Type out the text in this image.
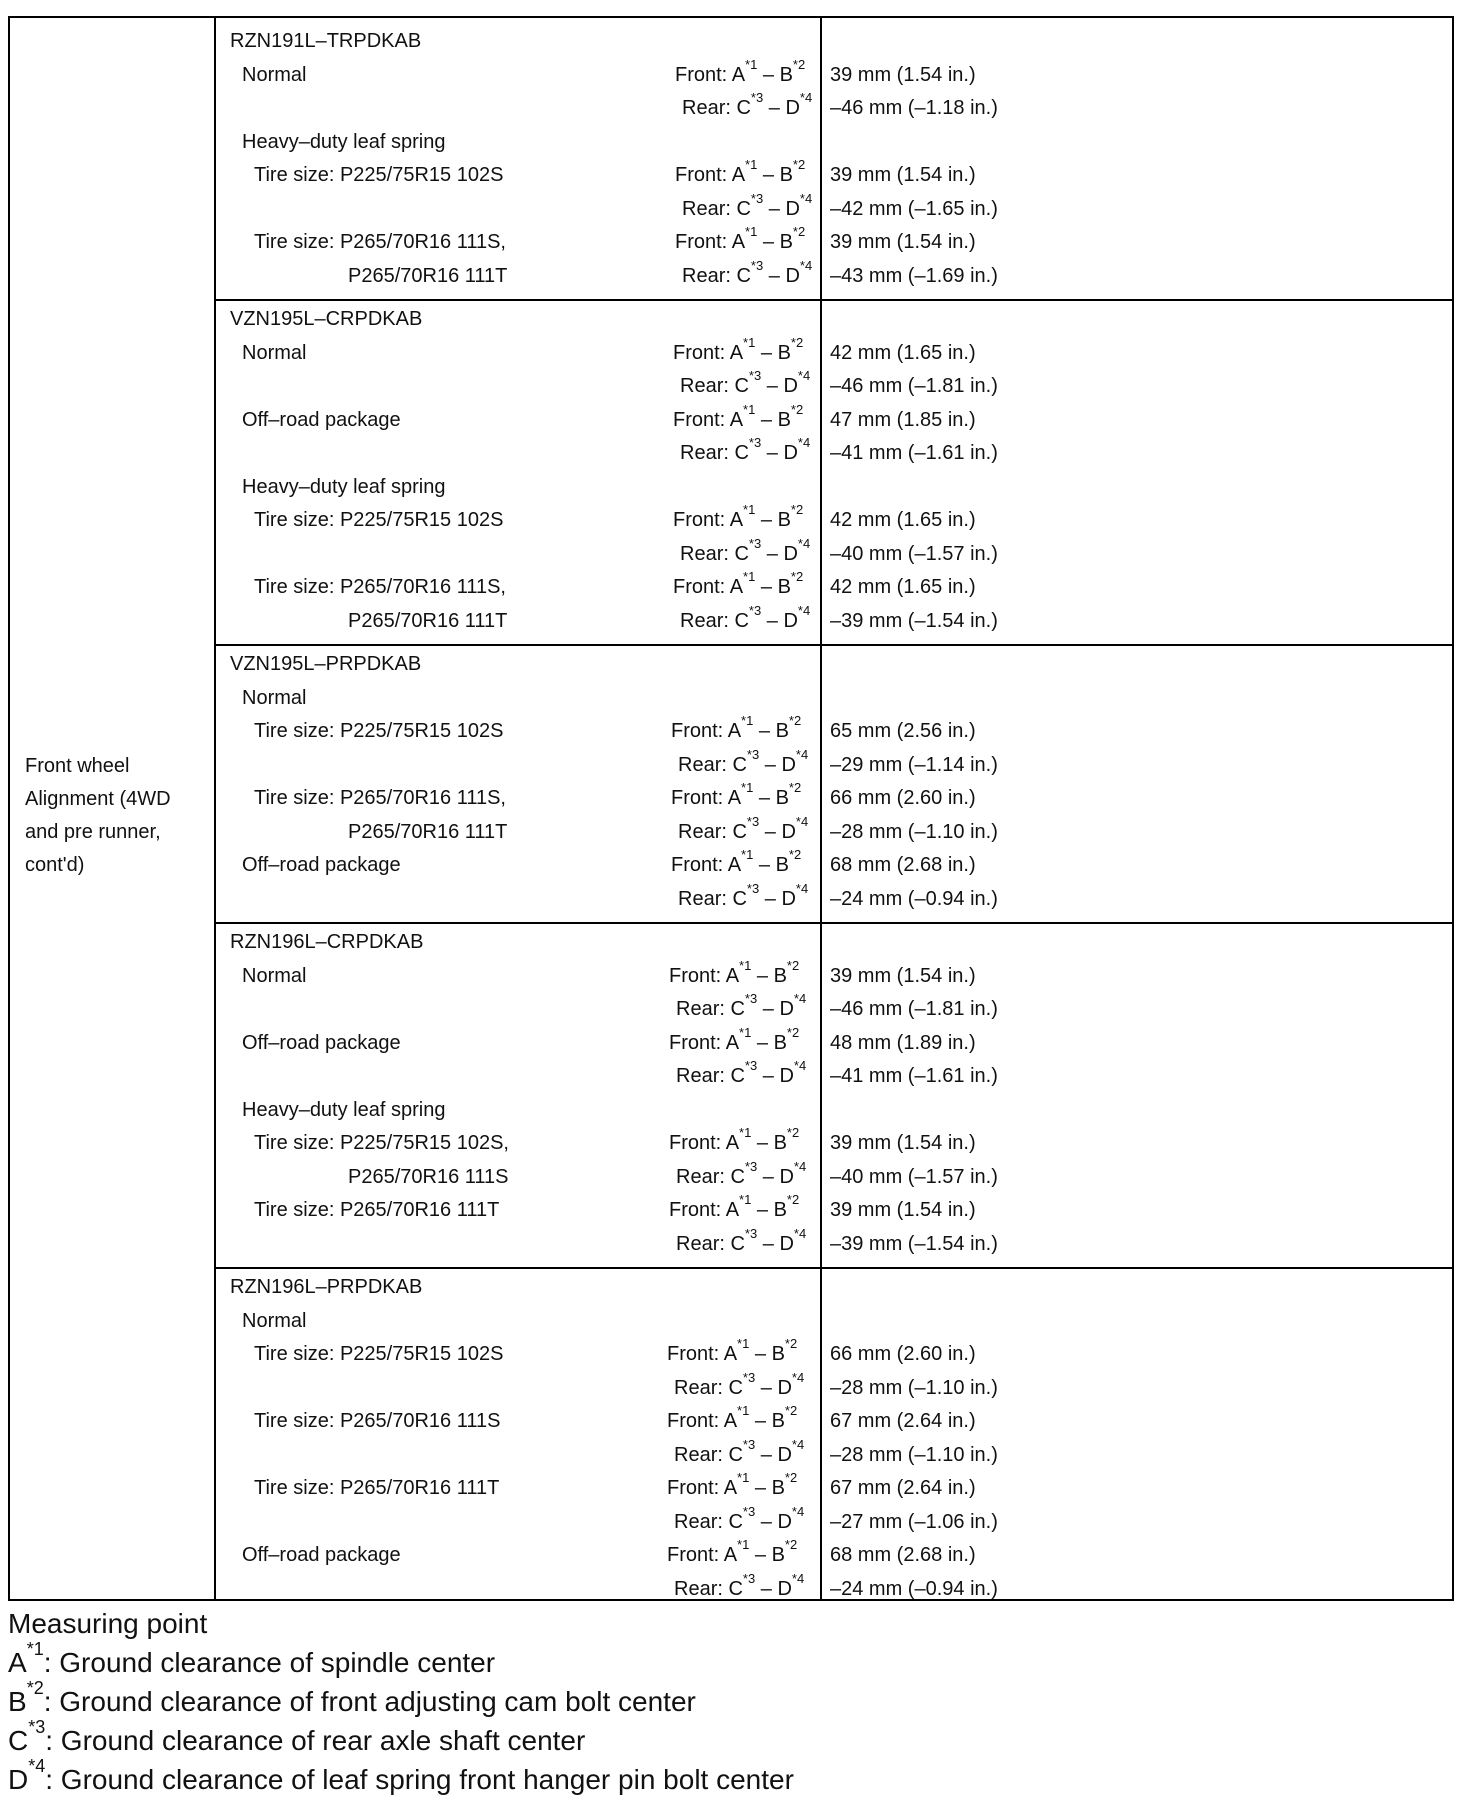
Front wheel
Alignment (4WD
and pre runner,
cont'd)
RZN191L–TRPDKAB
Normal	Front: $A^{*1} - B^{*2}$ 39 mm (1.54 in.)
Rear: $C^{*3} - D^{*4}$ –46 mm (–1.18 in.)
Heavy–duty leaf spring
Tire size: P225/75R15 102S	Front: $A^{*1} - B^{*2}$ 39 mm (1.54 in.)
Rear: $C^{*3} - D^{*4}$ –42 mm (–1.65 in.)
Tire size: P265/70R16 111S,	Front: $A^{*1} - B^{*2}$ 39 mm (1.54 in.)
P265/70R16 111T	Rear: $C^{*3} - D^{*4}$ –43 mm (–1.69 in.)
VZN195L–CRPDKAB
Normal	Front: $A^{*1} - B^{*2}$ 42 mm (1.65 in.)
Rear: $C^{*3} - D^{*4}$ –46 mm (–1.81 in.)
Off–road package	Front: $A^{*1} - B^{*2}$ 47 mm (1.85 in.)
Rear: $C^{*3} - D^{*4}$ –41 mm (–1.61 in.)
Heavy–duty leaf spring
Tire size: P225/75R15 102S	Front: $A^{*1} - B^{*2}$ 42 mm (1.65 in.)
Rear: $C^{*3} - D^{*4}$ –40 mm (–1.57 in.)
Tire size: P265/70R16 111S,	Front: $A^{*1} - B^{*2}$ 42 mm (1.65 in.)
P265/70R16 111T	Rear: $C^{*3} - D^{*4}$ –39 mm (–1.54 in.)
VZN195L–PRPDKAB
Normal
Tire size: P225/75R15 102S	Front: $A^{*1} - B^{*2}$ 65 mm (2.56 in.)
Rear: $C^{*3} - D^{*4}$ –29 mm (–1.14 in.)
Tire size: P265/70R16 111S,	Front: $A^{*1} - B^{*2}$ 66 mm (2.60 in.)
P265/70R16 111T	Rear: $C^{*3} - D^{*4}$ –28 mm (–1.10 in.)
Off–road package	Front: $A^{*1} - B^{*2}$ 68 mm (2.68 in.)
Rear: $C^{*3} - D^{*4}$ –24 mm (–0.94 in.)
RZN196L–CRPDKAB
Normal	Front: $A^{*1} - B^{*2}$ 39 mm (1.54 in.)
Rear: $C^{*3} - D^{*4}$ –46 mm (–1.81 in.)
Off–road package	Front: $A^{*1} - B^{*2}$ 48 mm (1.89 in.)
Rear: $C^{*3} - D^{*4}$ –41 mm (–1.61 in.)
Heavy–duty leaf spring
Tire size: P225/75R15 102S,	Front: $A^{*1} - B^{*2}$ 39 mm (1.54 in.)
P265/70R16 111S	Rear: $C^{*3} - D^{*4}$ –40 mm (–1.57 in.)
Tire size: P265/70R16 111T	Front: $A^{*1} - B^{*2}$ 39 mm (1.54 in.)
Rear: $C^{*3} - D^{*4}$ –39 mm (–1.54 in.)
RZN196L–PRPDKAB
Normal
Tire size: P225/75R15 102S	Front: $A^{*1} - B^{*2}$ 66 mm (2.60 in.)
Rear: $C^{*3} - D^{*4}$ –28 mm (–1.10 in.)
Tire size: P265/70R16 111S	Front: $A^{*1} - B^{*2}$ 67 mm (2.64 in.)
Rear: $C^{*3} - D^{*4}$ –28 mm (–1.10 in.)
Tire size: P265/70R16 111T	Front: $A^{*1} - B^{*2}$ 67 mm (2.64 in.)
Rear: $C^{*3} - D^{*4}$ –27 mm (–1.06 in.)
Off–road package	Front: $A^{*1} - B^{*2}$ 68 mm (2.68 in.)
Rear: $C^{*3} - D^{*4}$ –24 mm (–0.94 in.)
Measuring point
$A^{*1}$: Ground clearance of spindle center
$B^{*2}$: Ground clearance of front adjusting cam bolt center
$C^{*3}$: Ground clearance of rear axle shaft center
$D^{*4}$: Ground clearance of leaf spring front hanger pin bolt center
